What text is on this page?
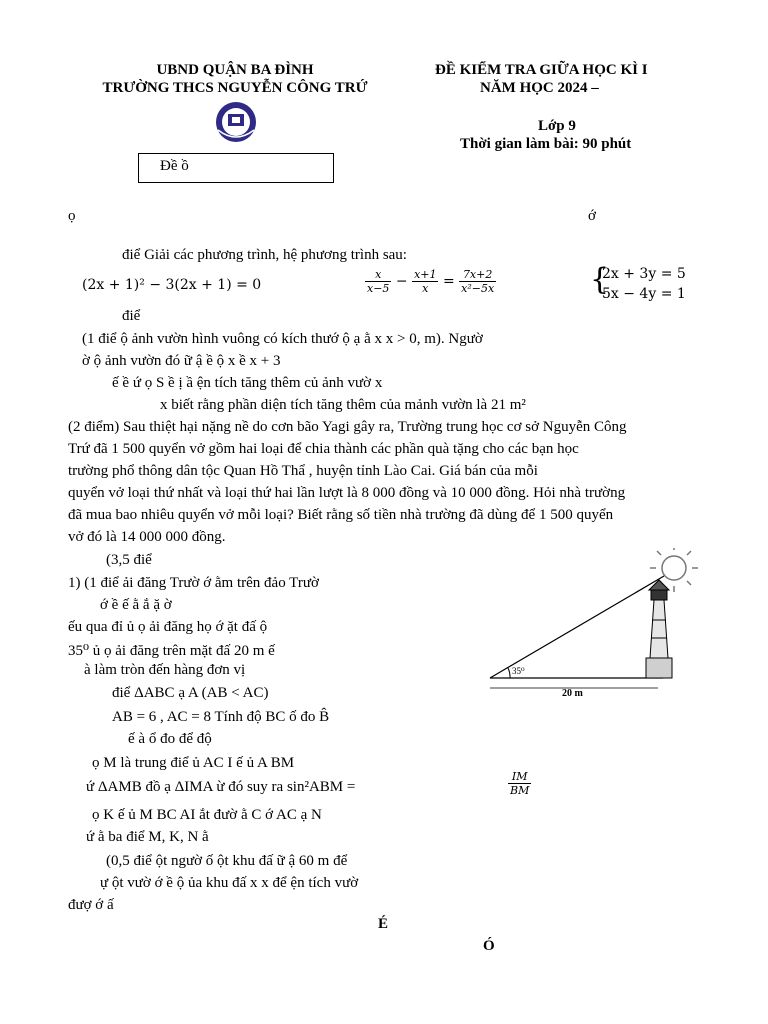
UBND QUẬN BA ĐÌNH
TRƯỜNG THCS NGUYỄN CÔNG TRỨ
ĐỀ KIỂM TRA GIỮA HỌC KÌ I
NĂM HỌC 2024 –
Lớp 9
Thời gian làm bài: 90 phút
Đề ồ
ọ	ớ
điể Giải các phương trình, hệ phương trình sau:
điể
(1 điể ộ ảnh vườn hình vuông có kích thướ ộ ạ ằ x x > 0, m). Ngườ
ờ ộ ảnh vườn đó ữ ậ ề ộ x ề x + 3
ế ề ứ ọ S ề ị ầ ện tích tăng thêm củ ảnh vườ x
x biết rằng phần diện tích tăng thêm của mảnh vườn là 21 m²
(2 điểm) Sau thiệt hại nặng nề do cơn bão Yagi gây ra, Trường trung học cơ sở Nguyễn Công
Trứ đã 1 500 quyển vở gồm hai loại để chia thành các phần quà tặng cho các bạn học
trường phổ thông dân tộc Quan Hồ Thẩ , huyện tỉnh Lào Cai. Giá bán của mỗi
quyển vở loại thứ nhất và loại thứ hai lần lượt là 8 000 đồng và 10 000 đồng. Hỏi nhà trường
đã mua bao nhiêu quyển vở mỗi loại? Biết rằng số tiền nhà trường đã dùng để 1 500 quyển
vở đó là 14 000 000 đồng.
(3,5 điể
1) (1 điể ải đăng Trườ ớ ằm trên đảo Trườ
ớ ề ế ằ ắ ặ ờ
ếu qua đỉ ủ ọ ải đăng họ ớ ặt đấ ộ
35⁰ ủ ọ ải đăng trên mặt đấ 20 m ế
à làm tròn đến hàng đơn vị
điể ΔABC ạ A (AB < AC)
AB = 6 , AC = 8 Tính độ BC ố đo B̂
ế à ổ đo để độ
ọ M là trung điể ủ AC I ế ủ A BM
ứ ΔAMB đồ ạ ΔIMA ừ đó suy ra sin²ABM =
ọ K ế ủ M BC AI ắt đườ ằ C ớ AC ạ N
ứ ằ ba điể M, K, N ằ
(0,5 điể ột ngườ ố ột khu đấ ữ ậ 60 m để
ự ột vườ ớ ề ộ ủa khu đấ x x để ện tích vườ
đượ ớ ấ
(2x + 1)² − 3(2x + 1) = 0	$\frac{x}{x-5} - \frac{x+1}{x} = \frac{7x+2}{\text{x²−5x}}$	{
2x + 3y = 5
5x − 4y = 1
$\frac{IM}{BM}$
35⁰
20 m
É
Ó
